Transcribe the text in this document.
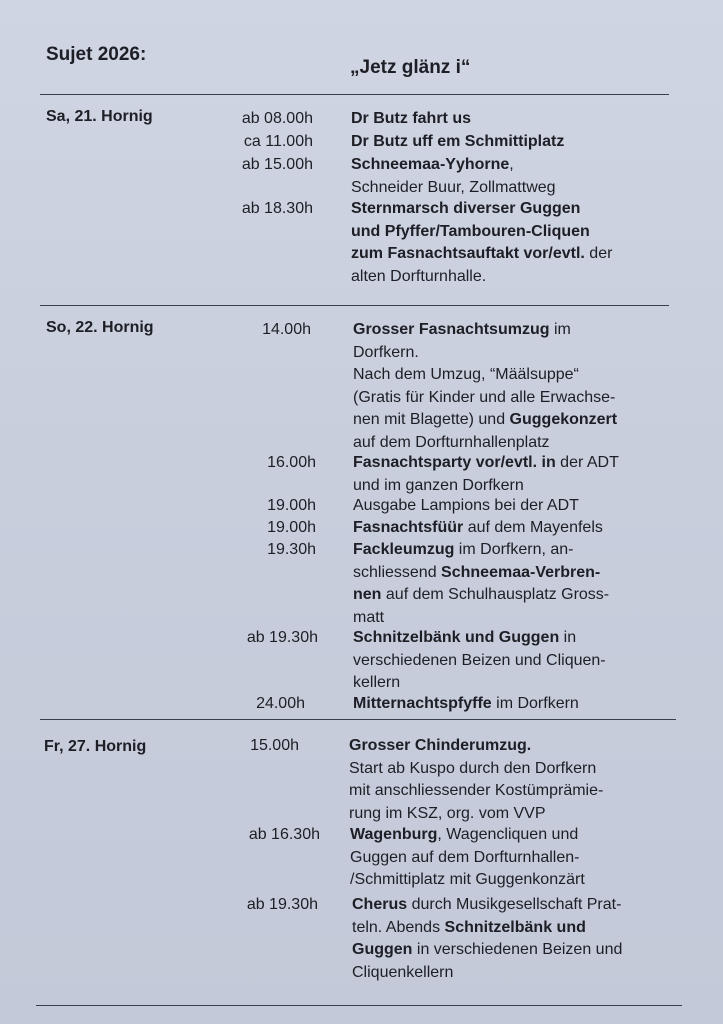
Sujet 2026:
„Jetz glänz i“
Sa, 21. Hornig	ab 08.00h Dr Butz fahrt us
ca 11.00h Dr Butz uff em Schmittiplatz
ab 15.00h Schneemaa-Yyhorne,
Schneider Buur, Zollmattweg
ab 18.30h Sternmarsch diverser Guggen
und Pfyffer/Tambouren-Cliquen
zum Fasnachtsauftakt vor/evtl. der
alten Dorfturnhalle.
So, 22. Hornig	14.00h	Grosser Fasnachtsumzug im
Dorfkern.
Nach dem Umzug, “Määlsuppe“
(Gratis für Kinder und alle Erwachse-
nen mit Blagette) und Guggekonzert
auf dem Dorfturnhallenplatz
16.00h Fasnachtsparty vor/evtl. in der ADT
und im ganzen Dorfkern
19.00h Ausgabe Lampions bei der ADT
19.00h Fasnachtsfüür auf dem Mayenfels
19.30h Fackleumzug im Dorfkern, an-
schliessend Schneemaa-Verbren-
nen auf dem Schulhausplatz Gross-
matt
ab 19.30h Schnitzelbänk und Guggen in
verschiedenen Beizen und Cliquen-
kellern
24.00h	Mitternachtspfyffe im Dorfkern
Fr, 27. Hornig	15.00h	Grosser Chinderumzug.
Start ab Kuspo durch den Dorfkern
mit anschliessender Kostümprämie-
rung im KSZ, org. vom VVP
ab 16.30h Wagenburg, Wagencliquen und
Guggen auf dem Dorfturnhallen-
/Schmittiplatz mit Guggenkonzärt
ab 19.30h Cherus durch Musikgesellschaft Prat-
teln. Abends Schnitzelbänk und
Guggen in verschiedenen Beizen und
Cliquenkellern
